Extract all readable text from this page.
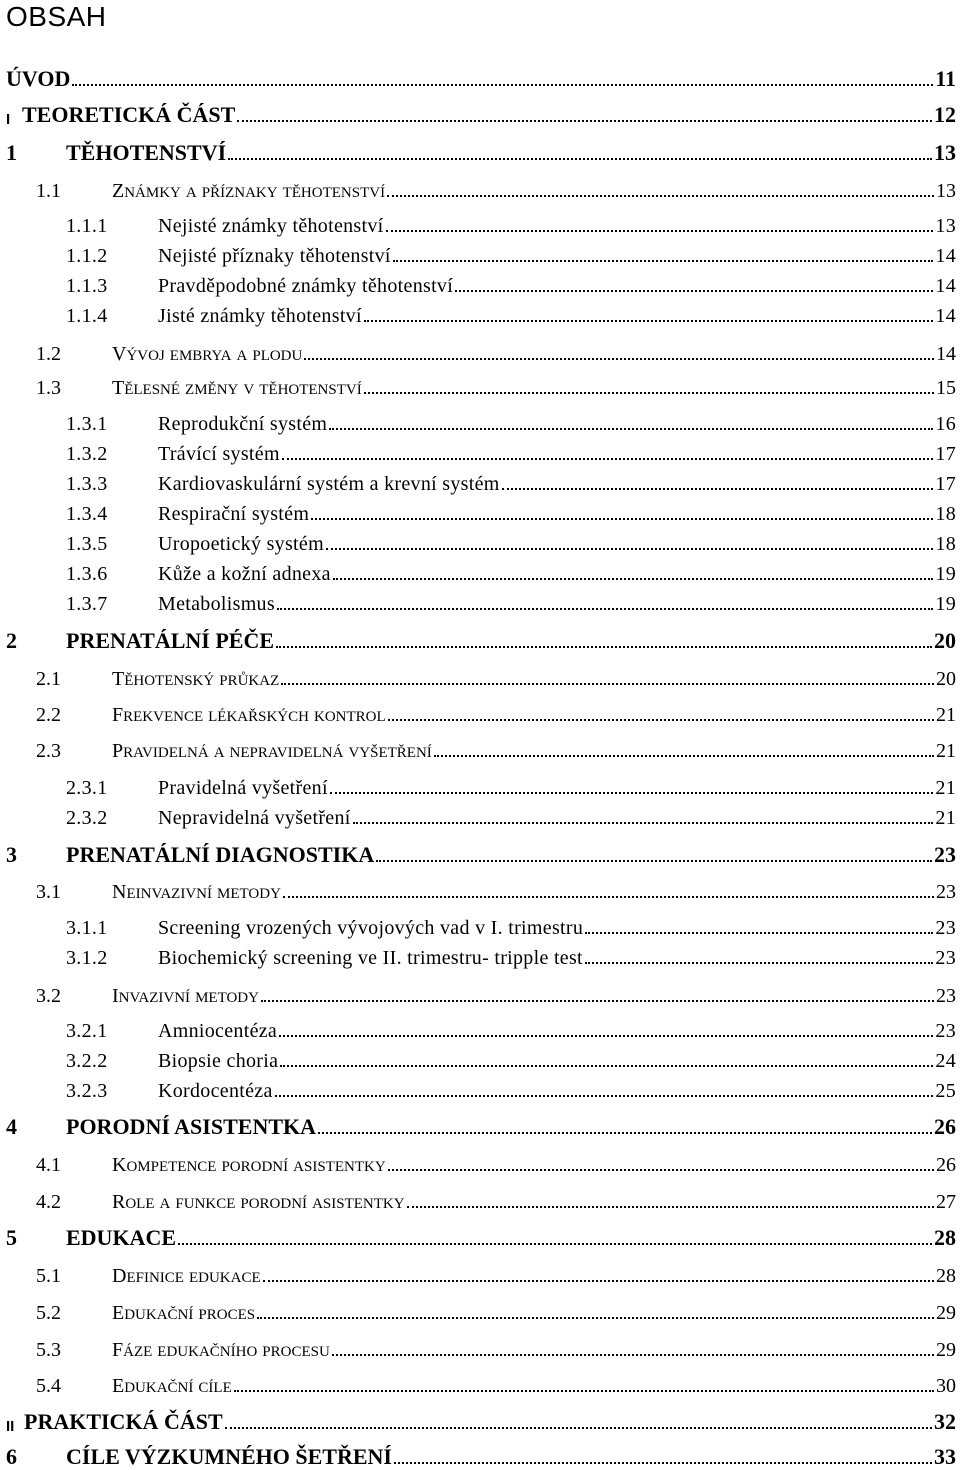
OBSAH
ÚVOD	11
I TEORETICKÁ ČÁST	12
1	TĚHOTENSTVÍ	13
1.1	ZNÁMKY A PŘÍZNAKY TĚHOTENSTVÍ	13
1.1.1	Nejisté známky těhotenství	13
1.1.2	Nejisté příznaky těhotenství	14
1.1.3	Pravděpodobné známky těhotenství	14
1.1.4	Jisté známky těhotenství	14
1.2	VÝVOJ EMBRYA A PLODU	14
1.3	TĚLESNÉ ZMĚNY V TĚHOTENSTVÍ	15
1.3.1	Reprodukční systém	16
1.3.2	Trávící systém	17
1.3.3	Kardiovaskulární systém a krevní systém	17
1.3.4	Respirační systém	18
1.3.5	Uropoetický systém	18
1.3.6	Kůže a kožní adnexa	19
1.3.7	Metabolismus	19
2	PRENATÁLNÍ PÉČE	20
2.1	TĚHOTENSKÝ PRŮKAZ	20
2.2	FREKVENCE LÉKAŘSKÝCH KONTROL	21
2.3	PRAVIDELNÁ A NEPRAVIDELNÁ VYŠETŘENÍ	21
2.3.1	Pravidelná vyšetření	21
2.3.2	Nepravidelná vyšetření	21
3	PRENATÁLNÍ DIAGNOSTIKA	23
3.1	NEINVAZIVNÍ METODY	23
3.1.1	Screening vrozených vývojových vad v I. trimestru	23
3.1.2	Biochemický screening ve II. trimestru- tripple test	23
3.2	INVAZIVNÍ METODY	23
3.2.1	Amniocentéza	23
3.2.2	Biopsie choria	24
3.2.3	Kordocentéza	25
4	PORODNÍ ASISTENTKA	26
4.1	KOMPETENCE PORODNÍ ASISTENTKY	26
4.2	ROLE A FUNKCE PORODNÍ ASISTENTKY	27
5	EDUKACE	28
5.1	DEFINICE EDUKACE	28
5.2	EDUKAČNÍ PROCES	29
5.3	FÁZE EDUKAČNÍHO PROCESU	29
5.4	EDUKAČNÍ CÍLE	30
II PRAKTICKÁ ČÁST	32
6	CÍLE VÝZKUMNÉHO ŠETŘENÍ	33
